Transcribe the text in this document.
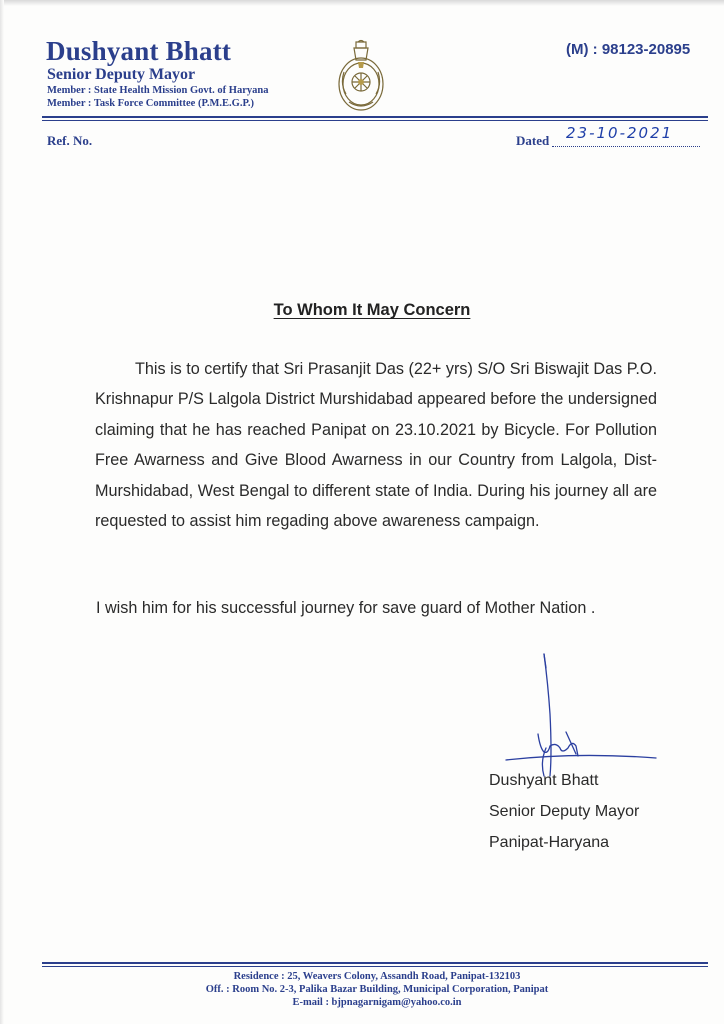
Dushyant Bhatt
Senior Deputy Mayor
Member : State Health Mission Govt. of Haryana
Member : Task Force Committee (P.M.E.G.P.)
(M) : 98123-20895
Ref. No.	Dated 23-10-2021
To Whom It May Concern

This is to certify that Sri Prasanjit Das (22+ yrs) S/O Sri Biswajit Das P.O. Krishnapur P/S Lalgola District Murshidabad appeared before the undersigned claiming that he has reached Panipat on 23.10.2021 by Bicycle. For Pollution Free Awarness and Give Blood Awarness in our Country from Lalgola, Dist- Murshidabad, West Bengal to different state of India. During his journey all are requested to assist him regading above awareness campaign.

I wish him for his successful journey for save guard of Mother Nation .
Dushyant Bhatt
Senior Deputy Mayor
Panipat-Haryana
Residence : 25, Weavers Colony, Assandh Road, Panipat-132103
Off. : Room No. 2-3, Palika Bazar Building, Municipal Corporation, Panipat
E-mail : bjpnagarnigam@yahoo.co.in
